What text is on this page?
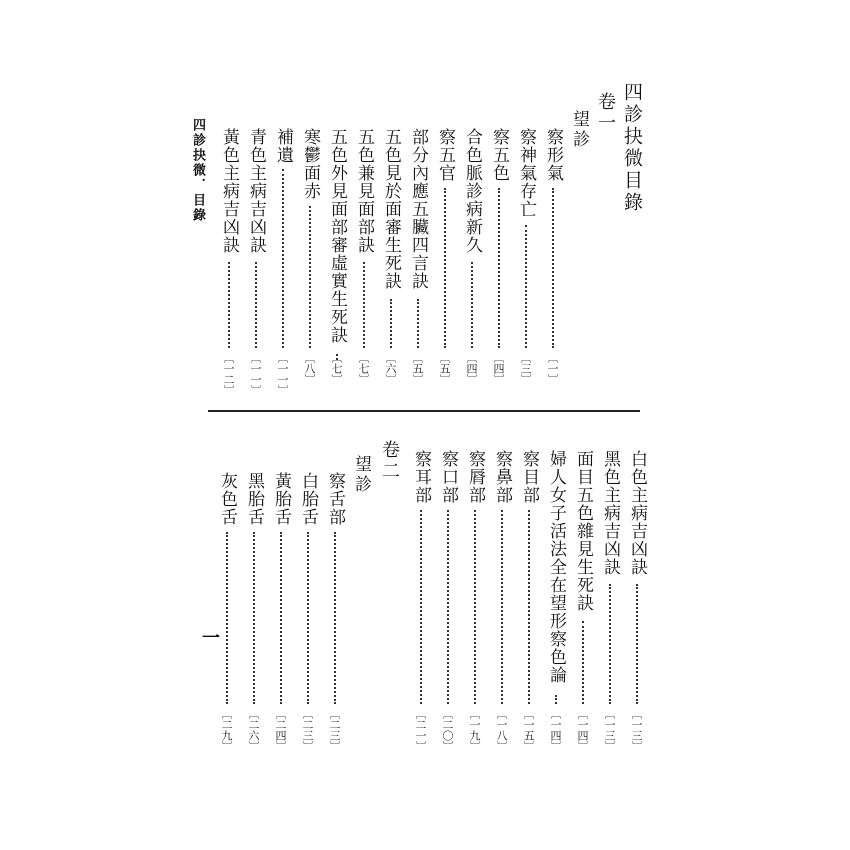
四診抉微目錄
卷一
望診
察形氣
〔一〕
察神氣存亡
〔三〕
察五色
〔四〕
合色脈診病新久
〔四〕
察五官
〔五〕
部分內應五臟四言訣
〔五〕
五色見於面審生死訣
〔六〕
五色兼見面部訣
〔七〕
五色外見面部審虛實生死訣
〔七〕
寒鬱面赤
〔八〕
補遺
〔一一〕
青色主病吉凶訣
〔一一〕
黃色主病吉凶訣
〔一二〕
四診抉微．目錄
卷二
望診	白色主病吉凶訣
〔一三〕
黑色主病吉凶訣
〔一三〕
面目五色雜見生死訣
〔一四〕
婦人女子活法全在望形察色論
〔一四〕
察目部
〔一五〕
察鼻部
〔一八〕
察脣部
〔一九〕
察口部
〔二〇〕
察耳部
〔二一〕
察舌部
〔二三〕
白胎舌
〔二三〕
黃胎舌
〔二四〕
黑胎舌
〔二六〕
灰色舌
〔二九〕
一
